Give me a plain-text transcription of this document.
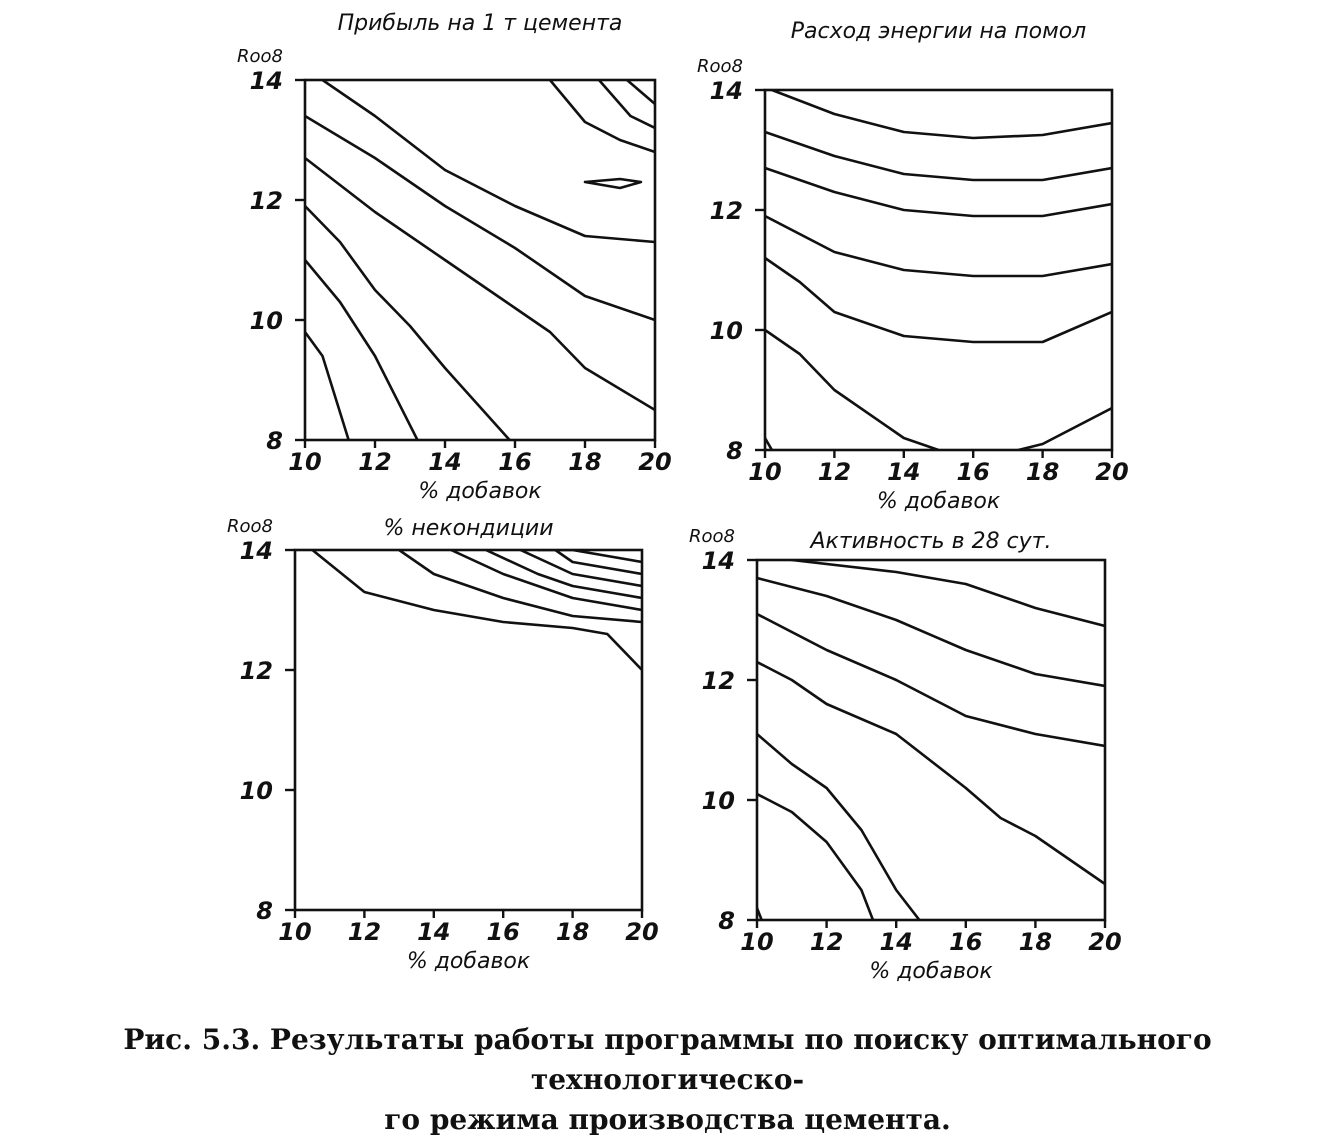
Прибыль на 1 т цемента
Roo8
8
10
12
14
10 12 14 16 18 20
% добавок
Расход энергии на помол
Roo8
8
10
12
14
10 12 14 16 18 20
% добавок
% некондиции
Roo8
8
10
12
14
10 12 14 16 18 20
% добавок
Активность в 28 сут.
Roo8
8
10
12
14
10 12 14 16 18 20
% добавок
Рис. 5.3. Результаты работы программы по поиску оптимального технологическо-
го режима производства цемента.
